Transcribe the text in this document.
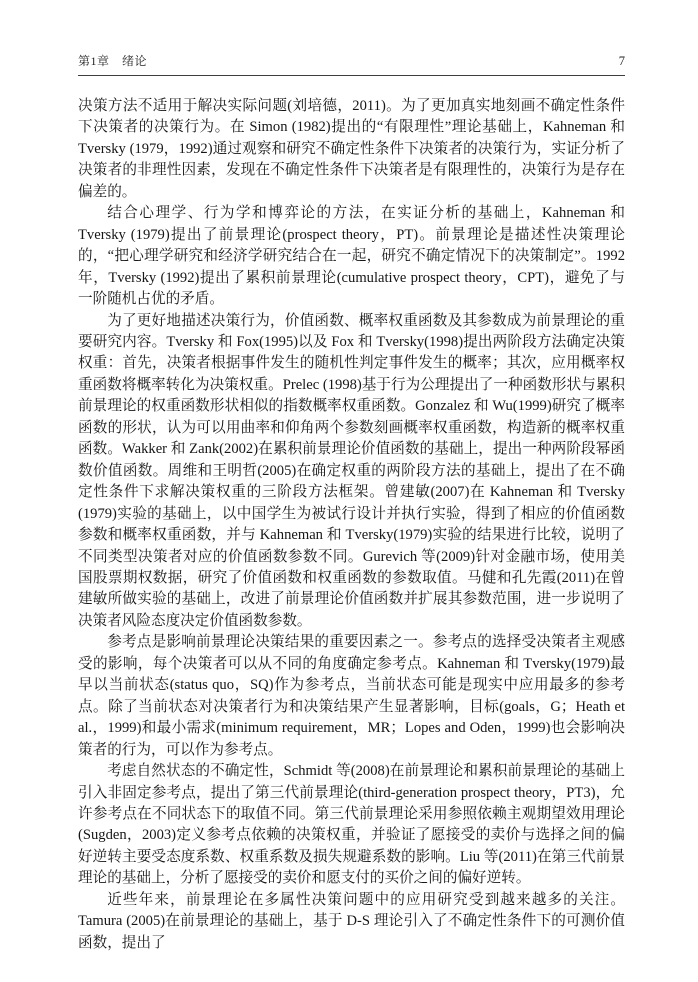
第1章　绪论	7

决策方法不适用于解决实际问题(刘培德，2011)。为了更加真实地刻画不确定性条件下决策者的决策行为。在 Simon (1982)提出的“有限理性”理论基础上，Kahneman 和 Tversky (1979，1992)通过观察和研究不确定性条件下决策者的决策行为，实证分析了决策者的非理性因素，发现在不确定性条件下决策者是有限理性的，决策行为是存在偏差的。

结合心理学、行为学和博弈论的方法，在实证分析的基础上，Kahneman 和 Tversky (1979)提出了前景理论(prospect theory，PT)。前景理论是描述性决策理论的，“把心理学研究和经济学研究结合在一起，研究不确定情况下的决策制定”。1992 年，Tversky (1992)提出了累积前景理论(cumulative prospect theory，CPT)，避免了与一阶随机占优的矛盾。

为了更好地描述决策行为，价值函数、概率权重函数及其参数成为前景理论的重要研究内容。Tversky 和 Fox(1995)以及 Fox 和 Tversky(1998)提出两阶段方法确定决策权重：首先，决策者根据事件发生的随机性判定事件发生的概率；其次，应用概率权重函数将概率转化为决策权重。Prelec (1998)基于行为公理提出了一种函数形状与累积前景理论的权重函数形状相似的指数概率权重函数。Gonzalez 和 Wu(1999)研究了概率函数的形状，认为可以用曲率和仰角两个参数刻画概率权重函数，构造新的概率权重函数。Wakker 和 Zank(2002)在累积前景理论价值函数的基础上，提出一种两阶段幂函数价值函数。周维和王明哲(2005)在确定权重的两阶段方法的基础上，提出了在不确定性条件下求解决策权重的三阶段方法框架。曾建敏(2007)在 Kahneman 和 Tversky (1979)实验的基础上，以中国学生为被试行设计并执行实验，得到了相应的价值函数参数和概率权重函数，并与 Kahneman 和 Tversky(1979)实验的结果进行比较，说明了不同类型决策者对应的价值函数参数不同。Gurevich 等(2009)针对金融市场，使用美国股票期权数据，研究了价值函数和权重函数的参数取值。马健和孔先霞(2011)在曾建敏所做实验的基础上，改进了前景理论价值函数并扩展其参数范围，进一步说明了决策者风险态度决定价值函数参数。

参考点是影响前景理论决策结果的重要因素之一。参考点的选择受决策者主观感受的影响，每个决策者可以从不同的角度确定参考点。Kahneman 和 Tversky(1979)最早以当前状态(status quo，SQ)作为参考点，当前状态可能是现实中应用最多的参考点。除了当前状态对决策者行为和决策结果产生显著影响，目标(goals，G；Heath et al.，1999)和最小需求(minimum requirement，MR；Lopes and Oden，1999)也会影响决策者的行为，可以作为参考点。

考虑自然状态的不确定性，Schmidt 等(2008)在前景理论和累积前景理论的基础上引入非固定参考点，提出了第三代前景理论(third-generation prospect theory，PT3)，允许参考点在不同状态下的取值不同。第三代前景理论采用参照依赖主观期望效用理论(Sugden，2003)定义参考点依赖的决策权重，并验证了愿接受的卖价与选择之间的偏好逆转主要受态度系数、权重系数及损失规避系数的影响。Liu 等(2011)在第三代前景理论的基础上，分析了愿接受的卖价和愿支付的买价之间的偏好逆转。

近些年来，前景理论在多属性决策问题中的应用研究受到越来越多的关注。Tamura (2005)在前景理论的基础上，基于 D-S 理论引入了不确定性条件下的可测价值函数，提出了
